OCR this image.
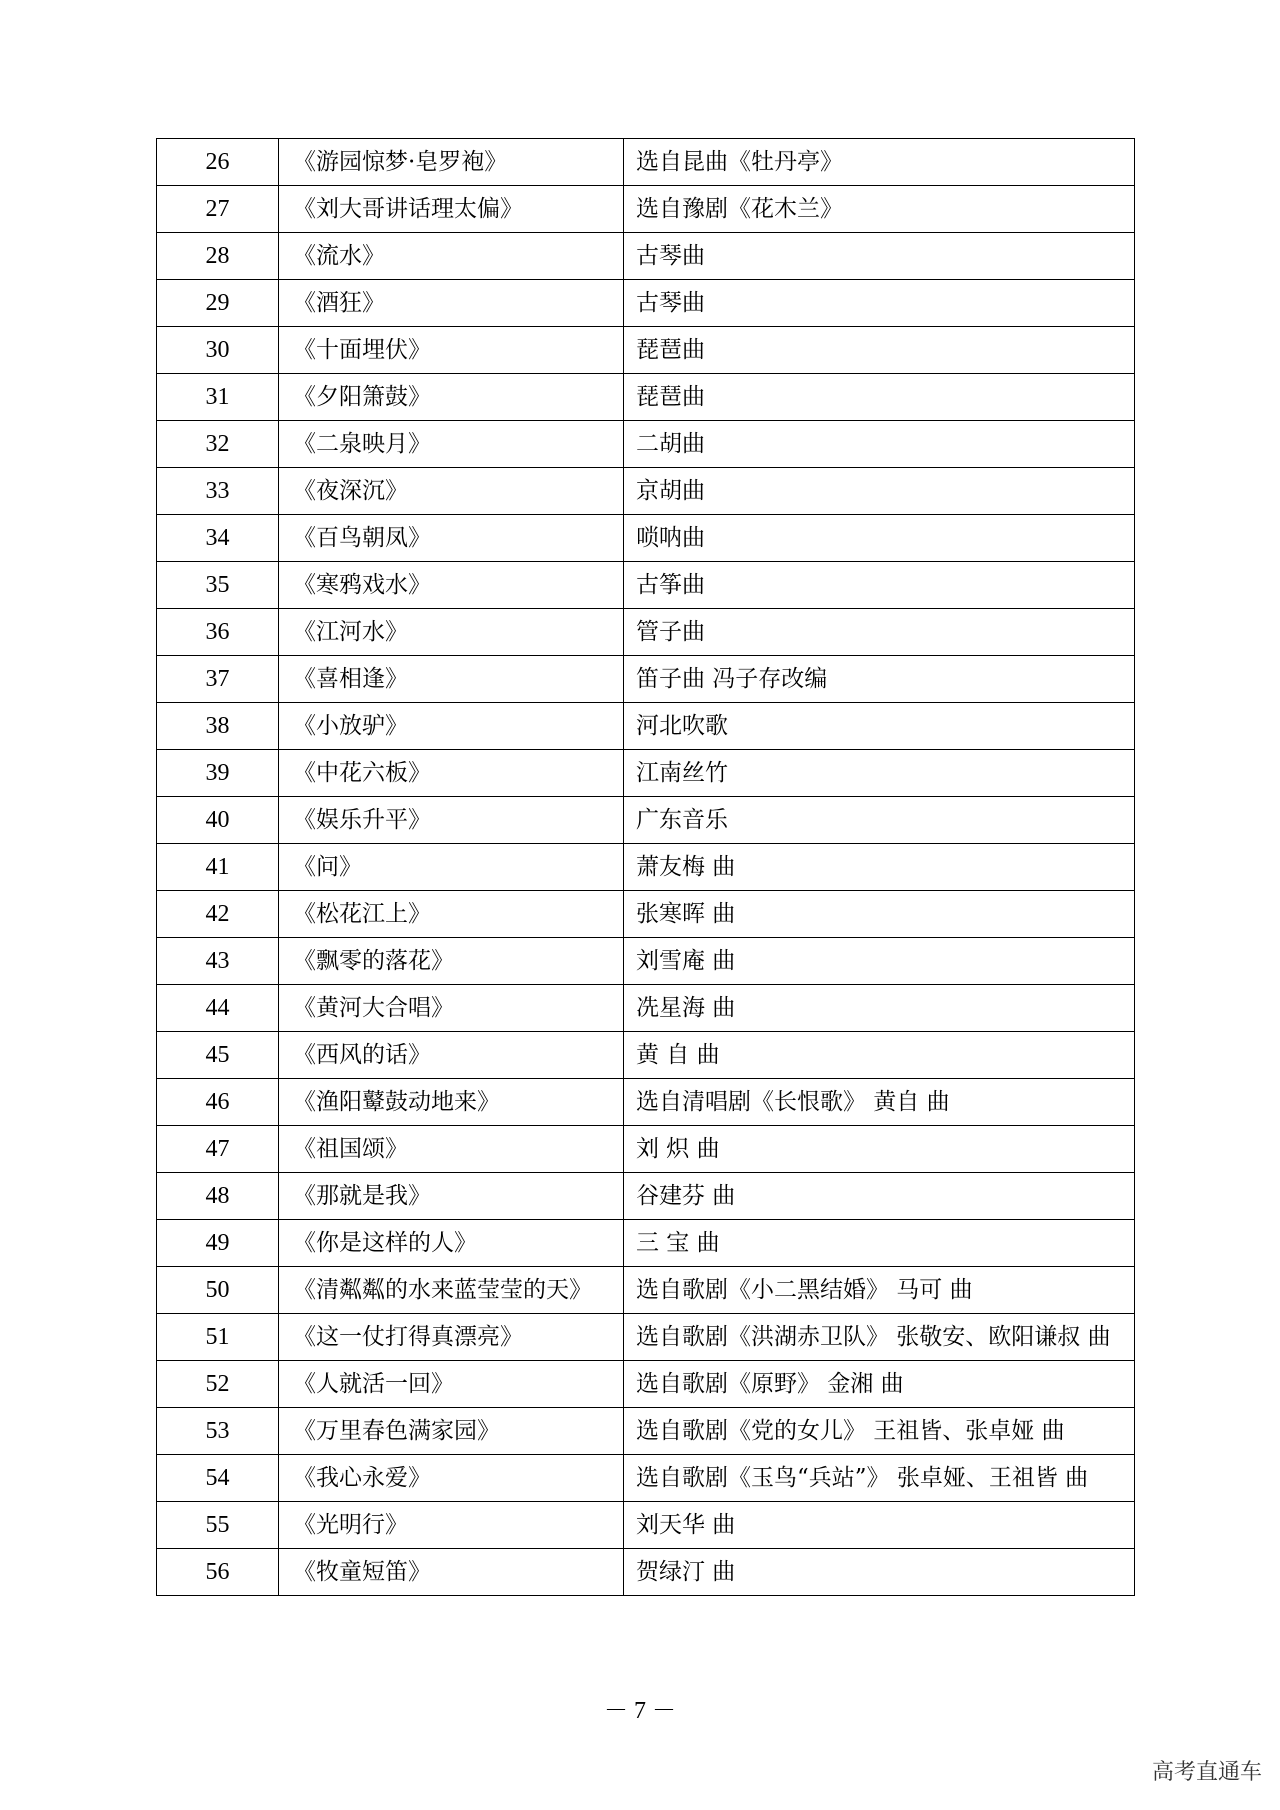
26	《游园惊梦·皂罗袍》	选自昆曲《牡丹亭》
27	《刘大哥讲话理太偏》	选自豫剧《花木兰》
28	《流水》	古琴曲
29	《酒狂》	古琴曲
30	《十面埋伏》	琵琶曲
31	《夕阳箫鼓》	琵琶曲
32	《二泉映月》	二胡曲
33	《夜深沉》	京胡曲
34	《百鸟朝凤》	唢呐曲
35	《寒鸦戏水》	古筝曲
36	《江河水》	管子曲
37	《喜相逢》	笛子曲 冯子存改编
38	《小放驴》	河北吹歌
39	《中花六板》	江南丝竹
40	《娱乐升平》	广东音乐
41	《问》	萧友梅 曲
42	《松花江上》	张寒晖 曲
43	《飘零的落花》	刘雪庵 曲
44	《黄河大合唱》	冼星海 曲
45	《西风的话》	黄 自 曲
46	《渔阳鼙鼓动地来》	选自清唱剧《长恨歌》 黄自 曲
47	《祖国颂》	刘 炽 曲
48	《那就是我》	谷建芬 曲
49	《你是这样的人》	三 宝 曲
50	《清粼粼的水来蓝莹莹的天》	选自歌剧《小二黑结婚》 马可 曲
51	《这一仗打得真漂亮》	选自歌剧《洪湖赤卫队》 张敬安、欧阳谦叔 曲
52	《人就活一回》	选自歌剧《原野》 金湘 曲
53	《万里春色满家园》	选自歌剧《党的女儿》 王祖皆、张卓娅 曲
54	《我心永爱》	选自歌剧《玉鸟“兵站”》 张卓娅、王祖皆 曲
55	《光明行》	刘天华 曲
56	《牧童短笛》	贺绿汀 曲
－ 7 －
高考直通车
